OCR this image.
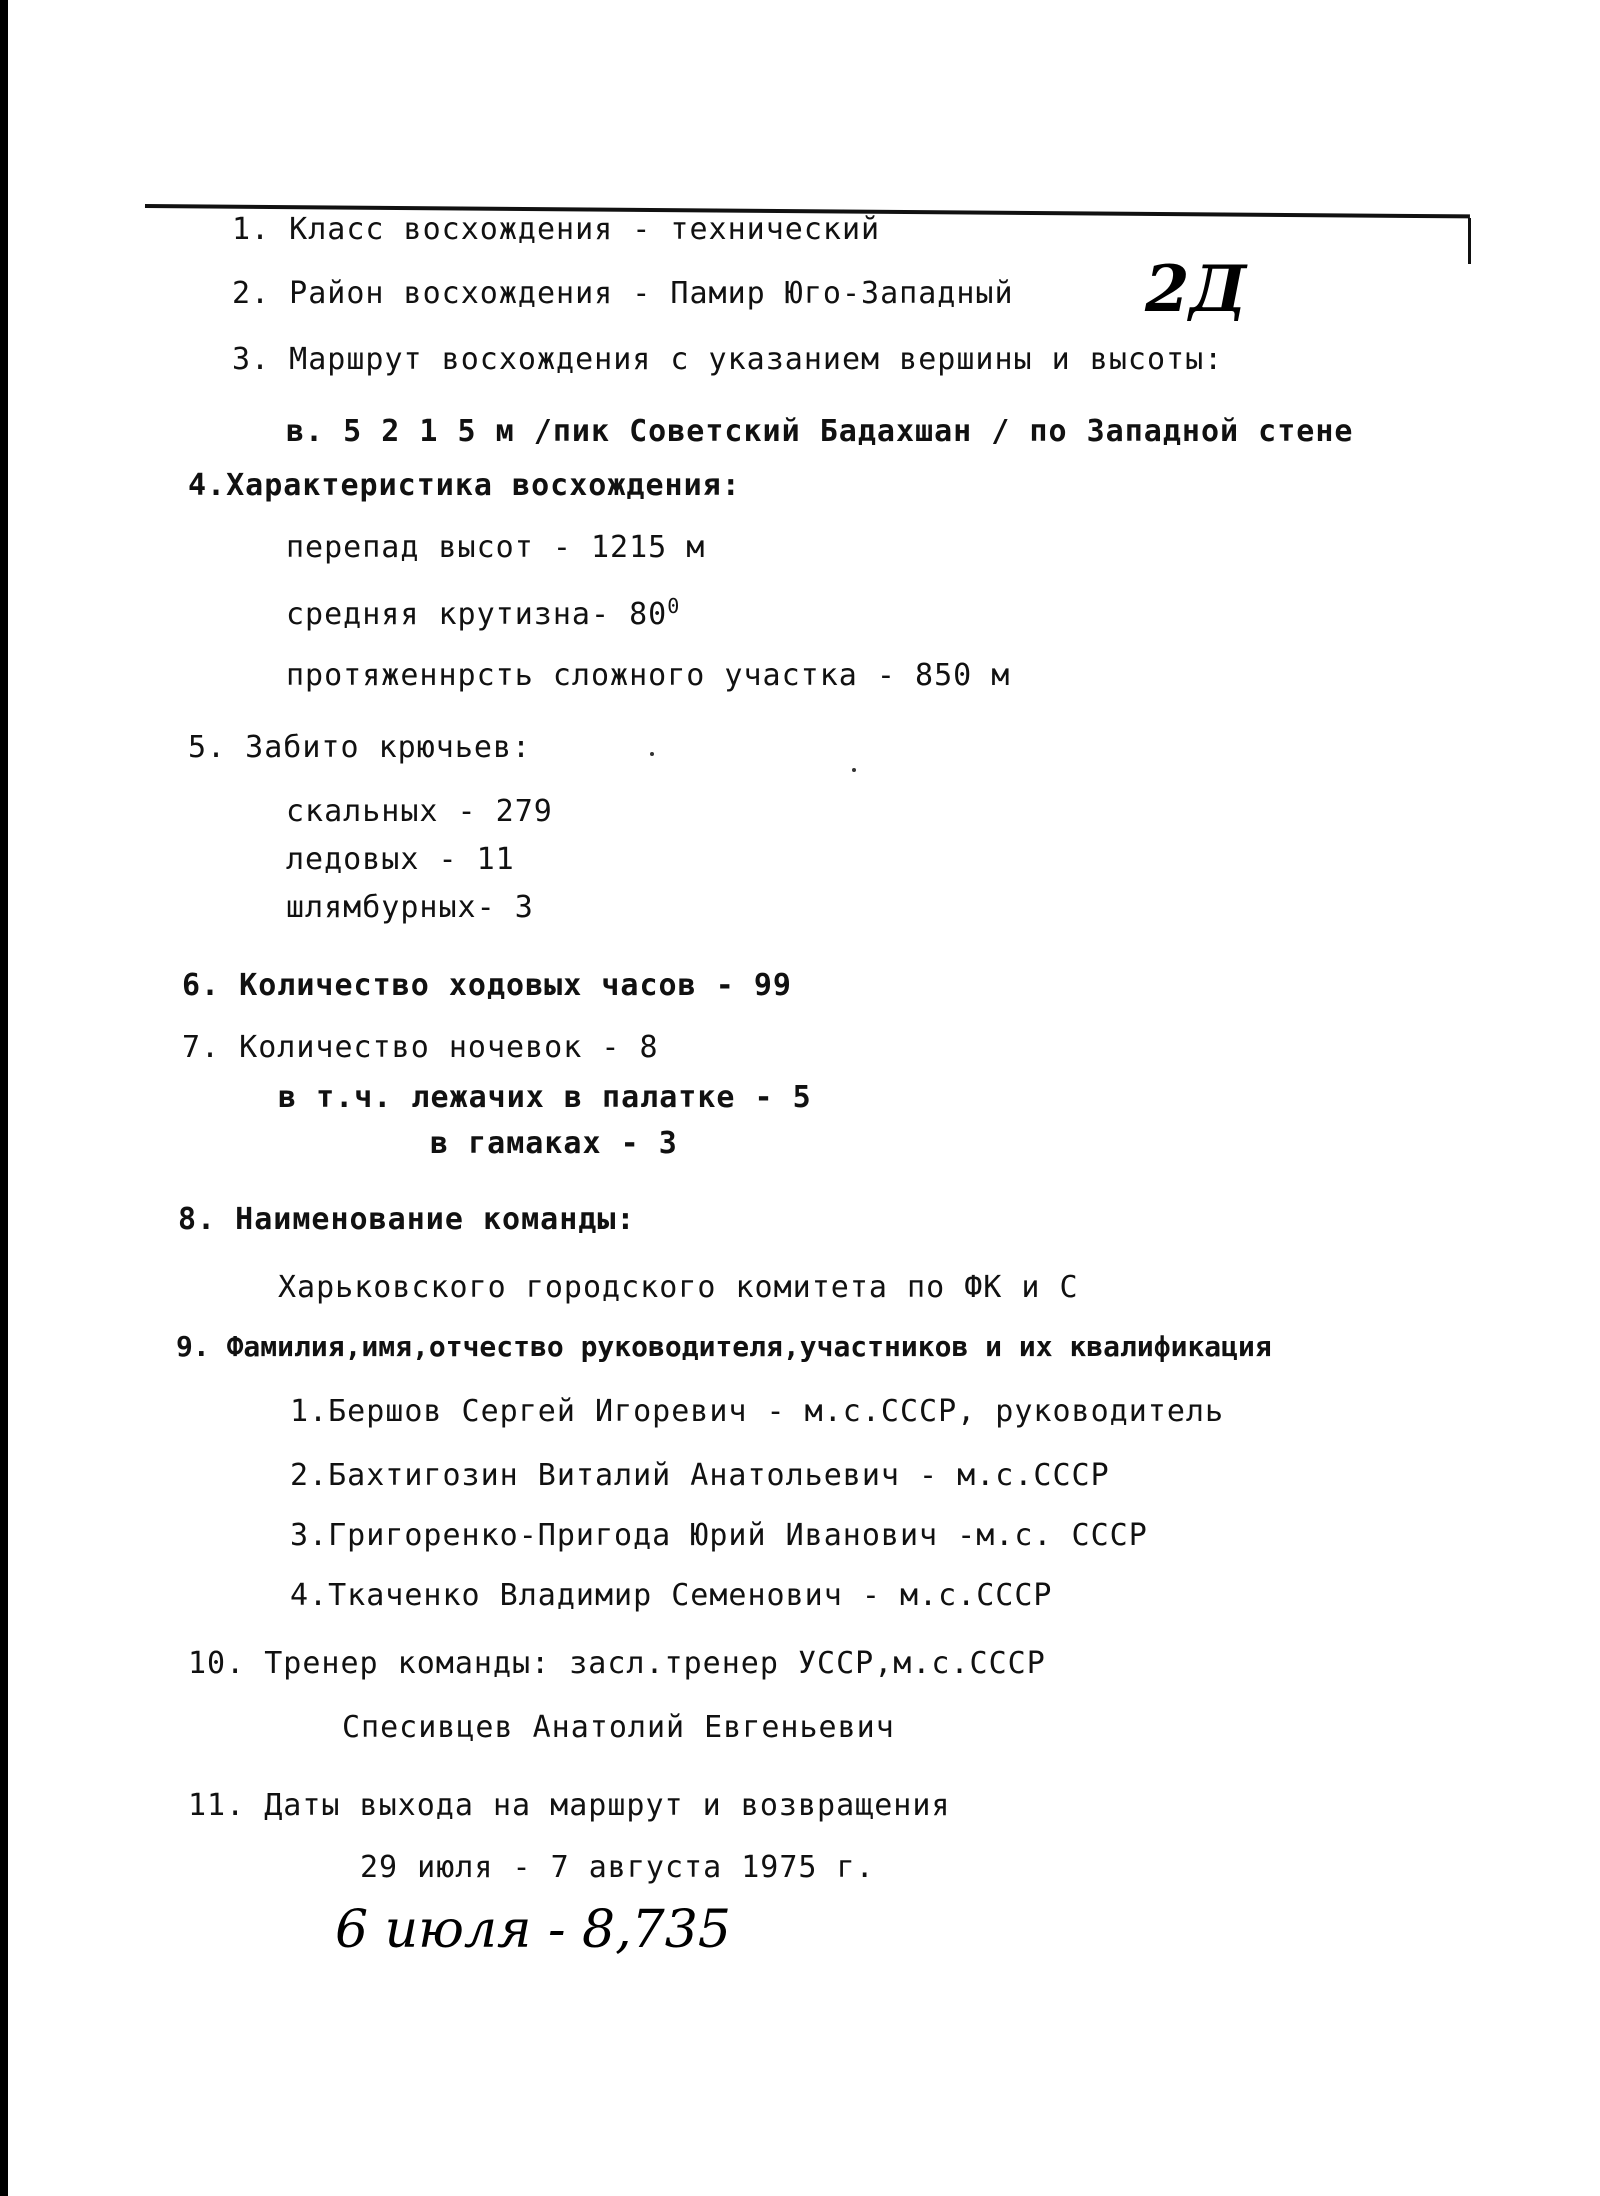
1. Класс восхождения - технический
2. Район восхождения - Памир Юго-Западный 2Д
3. Маршрут восхождения с указанием вершины и высоты:
в. 5 2 1 5 м /пик Советский Бадахшан / по Западной стене
4.Характеристика восхождения:
перепад высот - 1215 м
средняя крутизна- $80^0$
протяженнрсть сложного участка - 850 м
5. Забито крючьев:
скальных - 279
ледовых - 11
шлямбурных- 3
6. Количество ходовых часов - 99
7. Количество ночевок - 8
в т.ч. лежачих в палатке - 5
в гамаках - 3
8. Наименование команды:
Харьковского городского комитета по ФК и С
9. Фамилия,имя,отчество руководителя,участников и их квалификация
1.Бершов Сергей Игоревич - м.с.СССР, руководитель
2.Бахтигозин Виталий Анатольевич - м.с.СССР
3.Григоренко-Пригода Юрий Иванович -м.с. СССР
4.Ткаченко Владимир Семенович - м.с.СССР
10. Тренер команды: засл.тренер УССР,м.с.СССР
Спесивцев Анатолий Евгеньевич
11. Даты выхода на маршрут и возвращения
29 июля - 7 августа 1975 г.
6 июля - 8,735
